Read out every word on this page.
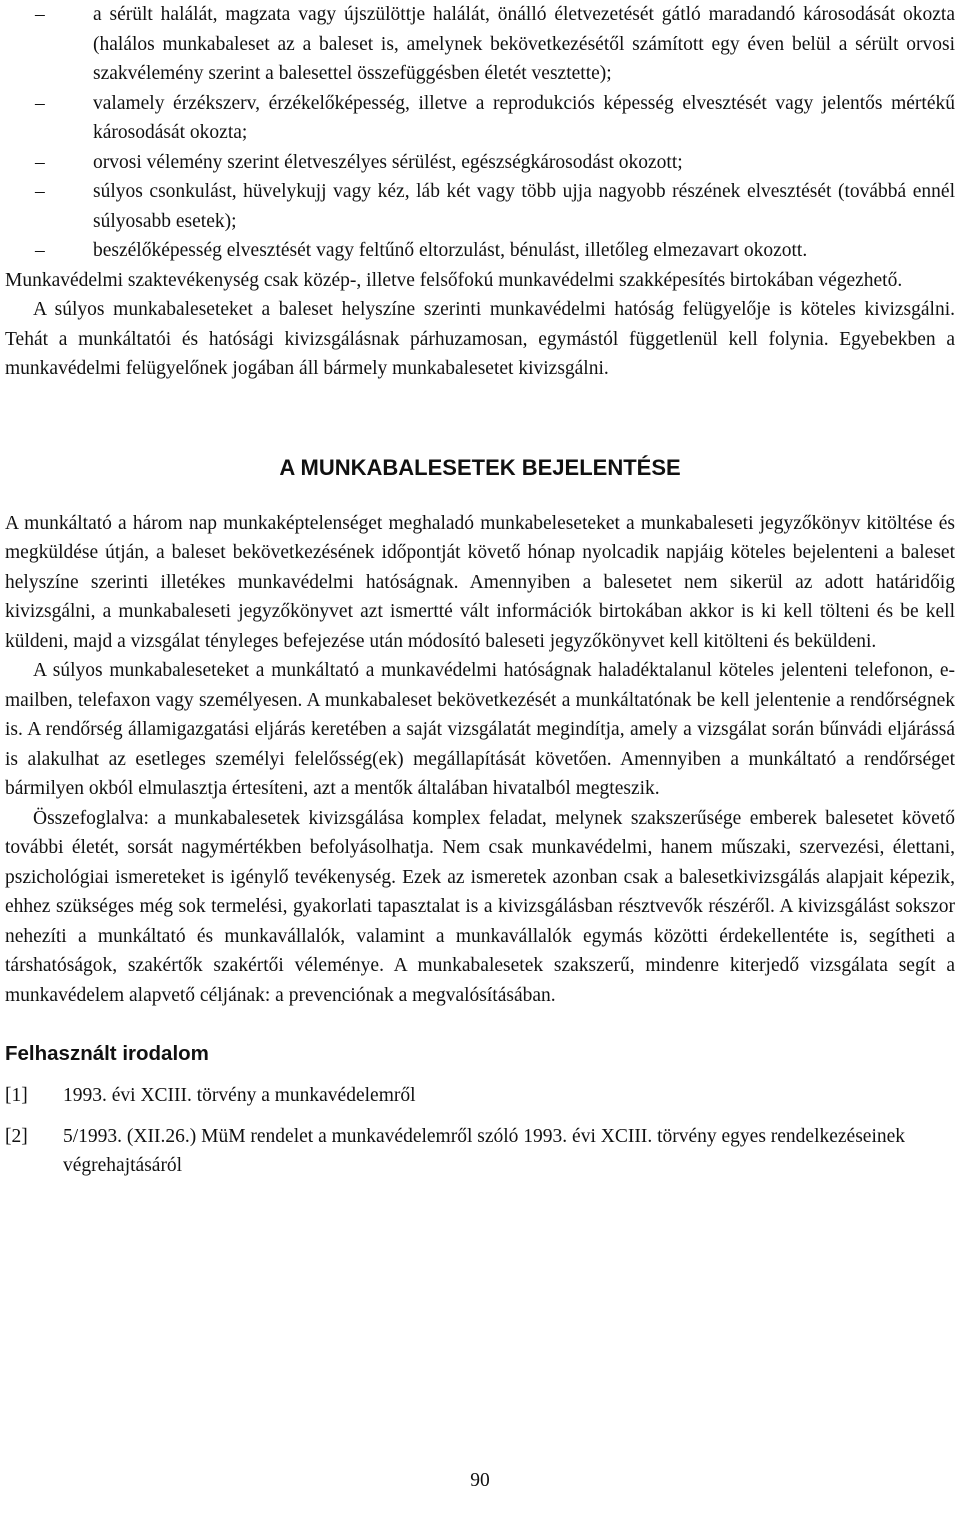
– a sérült halálát, magzata vagy újszülöttje halálát, önálló életvezetését gátló maradandó károsodását okozta (halálos munkabaleset az a baleset is, amelynek bekövetkezésétől számított egy éven belül a sérült orvosi szakvélemény szerint a balesettel összefüggésben életét vesztette);
– valamely érzékszerv, érzékelőképesség, illetve a reprodukciós képesség elvesztését vagy jelentős mértékű károsodását okozta;
– orvosi vélemény szerint életveszélyes sérülést, egészségkárosodást okozott;
– súlyos csonkulást, hüvelykujj vagy kéz, láb két vagy több ujja nagyobb részének elvesztését (továbbá ennél súlyosabb esetek);
– beszélőképesség elvesztését vagy feltűnő eltorzulást, bénulást, illetőleg elmezavart okozott.

Munkavédelmi szaktevékenység csak közép-, illetve felsőfokú munkavédelmi szakképesítés birtokában végezhető.

A súlyos munkabaleseteket a baleset helyszíne szerinti munkavédelmi hatóság felügyelője is köteles kivizsgálni. Tehát a munkáltatói és hatósági kivizsgálásnak párhuzamosan, egymástól függetlenül kell folynia. Egyebekben a munkavédelmi felügyelőnek jogában áll bármely munkabalesetet kivizsgálni.

A MUNKABALESETEK BEJELENTÉSE

A munkáltató a három nap munkaképtelenséget meghaladó munkabeleseteket a munkabaleseti jegyzőkönyv kitöltése és megküldése útján, a baleset bekövetkezésének időpontját követő hónap nyolcadik napjáig köteles bejelenteni a baleset helyszíne szerinti illetékes munkavédelmi hatóságnak. Amennyiben a balesetet nem sikerül az adott határidőig kivizsgálni, a munkabaleseti jegyzőkönyvet azt ismertté vált információk birtokában akkor is ki kell tölteni és be kell küldeni, majd a vizsgálat tényleges befejezése után módosító baleseti jegyzőkönyvet kell kitölteni és beküldeni.

A súlyos munkabaleseteket a munkáltató a munkavédelmi hatóságnak haladéktalanul köteles jelenteni telefonon, e-mailben, telefaxon vagy személyesen. A munkabaleset bekövetkezését a munkáltatónak be kell jelentenie a rendőrségnek is. A rendőrség államigazgatási eljárás keretében a saját vizsgálatát megindítja, amely a vizsgálat során bűnvádi eljárássá is alakulhat az esetleges személyi felelősség(ek) megállapítását követően. Amennyiben a munkáltató a rendőrséget bármilyen okból elmulasztja értesíteni, azt a mentők általában hivatalból megteszik.

Összefoglalva: a munkabalesetek kivizsgálása komplex feladat, melynek szakszerűsége emberek balesetet követő további életét, sorsát nagymértékben befolyásolhatja. Nem csak munkavédelmi, hanem műszaki, szervezési, élettani, pszichológiai ismereteket is igénylő tevékenység. Ezek az ismeretek azonban csak a balesetkivizsgálás alapjait képezik, ehhez szükséges még sok termelési, gyakorlati tapasztalat is a kivizsgálásban résztvevők részéről. A kivizsgálást sokszor nehezíti a munkáltató és munkavállalók, valamint a munkavállalók egymás közötti érdekellentéte is, segítheti a társhatóságok, szakértők szakértői véleménye. A munkabalesetek szakszerű, mindenre kiterjedő vizsgálata segít a munkavédelem alapvető céljának: a prevenciónak a megvalósításában.

Felhasznált irodalom
[1] 1993. évi XCIII. törvény a munkavédelemről
[2] 5/1993. (XII.26.) MüM rendelet a munkavédelemről szóló 1993. évi XCIII. törvény egyes rendelkezéseinek végrehajtásáról
90
